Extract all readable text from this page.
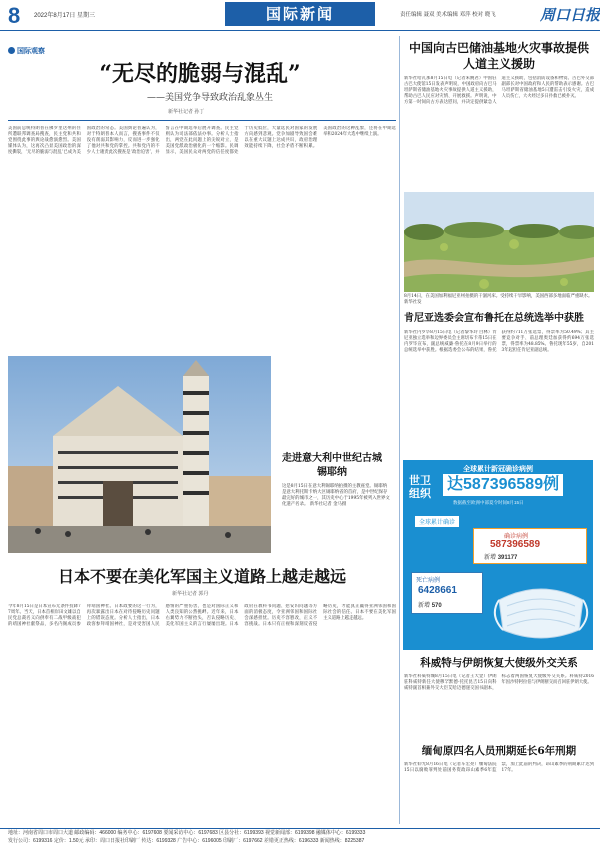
8 2022年8月17日 星期三	国际新闻	责任编辑 聂双 美术编辑 邓萍 校对 晓飞	周口日报
国际观察
“无尽的脆弱与混乱”
——美国党争导致政治乱象丛生
新华社记者 孙丁
美国前总统特朗普在佛罗里达州的住所遭联邦调查局搜查，民主党和共和党围绕此事的舆论战愈演愈烈。美国媒体认为，这再次凸显美国政治的深度撕裂，‘无尽的脆弱与混乱’已成为美国政治的常态。美国舆论普遍认为，对于特朗普本人而言，搜查事件不仅没有削弱其影响力，反而进一步强化了他对共和党的掌控。共和党内的不少人士谴责此次搜查是‘政治迫害’，并誓言在中期选举后展开调查。民主党则认为司法部依法办事。分析人士指出，两党在此问题上的尖锐对立，是美国党派政治极化的一个缩影。民调显示，美国民众对两党的信任度都处于历史低位，大量选民对国家的发展方向感到悲观。党争加剧导致国会难以在重大议题上达成共识，政府治理效能持续下降，社会矛盾不断积累。美国政治的这种乱象，还将在中期选举和2024年大选中继续上演。
走进意大利中世纪古城锡耶纳
这是8月15日在意大利锡耶纳拍摄的主教座堂。锡耶纳是意大利托斯卡纳大区锡耶纳省的首府，是中世纪保存最完好的城市之一，其历史中心于1995年被列入世界文化遗产名录。 新华社记者 金马摄
日本不要在美化军国主义道路上越走越远
新华社记者 郭丹
今年8月15日是日本宣布无条件投降77周年。当天，日本首相岸田文雄以自民党总裁名义向供奉有二战甲级战犯的靖国神社献祭品，多名内阁成员参拜靖国神社。日本政要的这一行为，再次暴露出日本在对待侵略历史问题上的错误态度。分析人士指出，日本政客参拜靖国神社，是对受害国人民感情的严重伤害，也是对国际正义和人类良知的公然挑衅。近年来，日本右翼势力不断抬头，否认侵略历史、美化军国主义的言行屡屡出现。日本政府在教科书问题、慰安妇问题等方面的消极态度，令亚洲邻国和国际社会深感担忧。历史不容篡改，正义不容挑战。日本只有正视和深刻反省侵略历史，才能真正赢得亚洲邻国和国际社会的信任。日本不要在美化军国主义道路上越走越远。
中国向古巴储油基地火灾事故提供人道主义援助
新华社哈瓦那8月15日电（记者朱婉君）中国驻古巴大使馆15日发表声明说，中国政府向古巴马坦萨斯省储油基地火灾事故提供人道主义援助，帮助古巴人民应对灾情、开展救援。声明说，中方第一时间向古方表达慰问，并决定提供紧急人道主义援助，包括消防设备和物资。古巴外交部副部长对中国政府和人民的帮助表示感谢。古巴马坦萨斯省储油基地5日遭雷击引发火灾，造成人员伤亡，大火经过多日扑救已被扑灭。
8月14日，在美国加利福尼亚州拍摄的干涸河床。受持续干旱影响，美国西部多地面临严重缺水。 新华社发
肯尼亚选委会宣布鲁托在总统选举中获胜
新华社内罗毕8月15日电（记者黎华玲 白林）肯尼亚独立选举和边界委员会主席切布卡蒂15日在内罗毕宣布，副总统威廉·鲁托在8月9日举行的总统选举中获胜。根据选委会公布的结果，鲁托获得约711万张选票，得票率为50.49%；其主要竞争对手、前总理奥廷加获得约694万张选票，得票率为48.85%。鲁托现年55岁，自2013年起担任肯尼亚副总统。
全球累计新冠确诊病例
世卫组织
达587396589例
数据截至欧洲中部夏令时间8月15日
全球累计确诊
确诊病例
587396589
新增 391177
死亡病例
6428661
新增 570
科威特与伊朗恢复大使级外交关系
新华社科威特城8月15日电（记者王大金）伊朗驻科威特新任大使穆罕默德·托托昆吉15日向科威特副首相兼外交大臣艾哈迈德递交国书副本，标志着两国恢复大使级外交关系。科威特2016年因沙特阿拉伯与伊朗断交而召回驻伊朗大使。
缅甸原四名人员刑期延长6年刑期
新华社仰光8月16日电（记者车宏亮）缅甸法院15日以腐败罪判处前国务资政昂山素季6年监禁，加上此前的判决，昂山素季的刑期累计达到17年。
地址：河南省周口市周口大道 邮政编码：466000 编务中心：6197608 要闻采访中心：6197683 区县分社：6199393 视觉新闻部：6199398 融媒体中心：6199333
发行公司：6199316 定价：1.50元 承印：周口日报社印刷厂 传达：6199328 广告中心：6196005 印刷厂：6197662 差错更正热线：6196333 新闻热线：8225387
